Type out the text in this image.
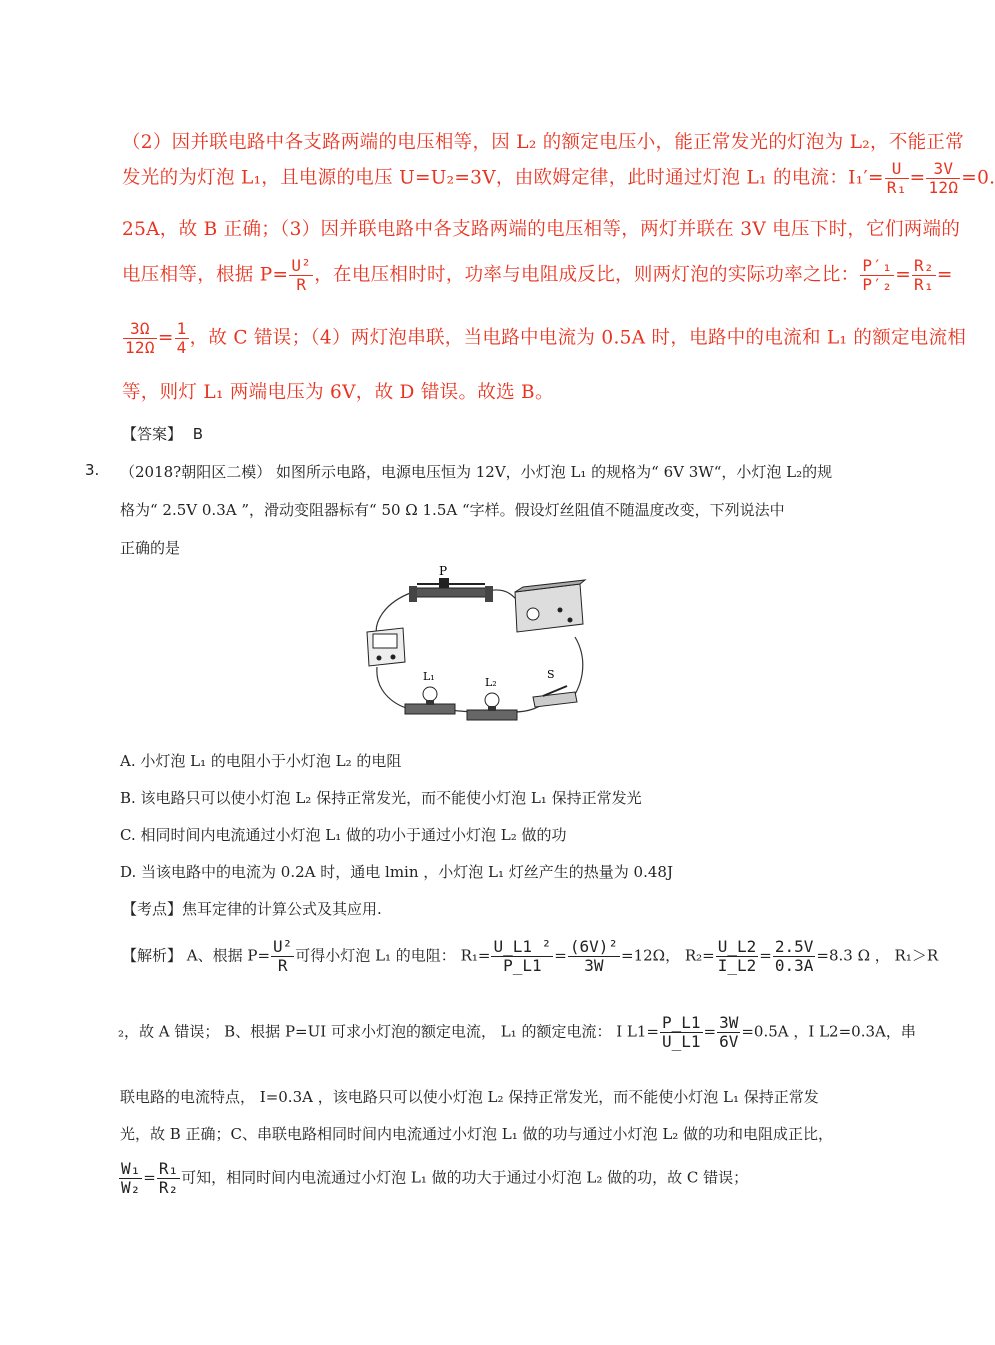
（2）因并联电路中各支路两端的电压相等，因 L₂ 的额定电压小，能正常发光的灯泡为 L₂，不能正常
发光的为灯泡 L₁，且电源的电压 U=U₂=3V，由欧姆定律，此时通过灯泡 L₁ 的电流：$I_1'= \frac{U}{\text{R₁}} = \frac{3V}{12\Omega} =0$.
25A，故 B 正确；（3）因并联电路中各支路两端的电压相等，两灯并联在 3V 电压下时，它们两端的
电压相等，根据 $P= \frac{\text{U²}}{R}$ ，在电压相时时，功率与电阻成反比，则两灯泡的实际功率之比： $\frac{\text{P′₁}}{\text{P′₂}} = \frac{\text{R₂}}{\text{R₁}}$ =
$\frac{3\Omega}{12\Omega} = \frac{1}{4}$ ，故 C 错误；（4）两灯泡串联，当电路中电流为 0.5A 时，电路中的电流和 L₁ 的额定电流相
等，则灯 L₁ 两端电压为 6V，故 D 错误。故选 B。
【答案】 B
3. （2018?朝阳区二模） 如图所示电路，电源电压恒为 12V，小灯泡 L₁ 的规格为“ 6V 3W“，小灯泡 L₂的规
格为“ 2.5V 0.3A ”，滑动变阻器标有“ 50 Ω 1.5A “字样。假设灯丝阻值不随温度改变，下列说法中
正确的是
P
L₁	L₂
S
A. 小灯泡 L₁ 的电阻小于小灯泡 L₂ 的电阻
B. 该电路只可以使小灯泡 L₂ 保持正常发光，而不能使小灯泡 L₁ 保持正常发光
C. 相同时间内电流通过小灯泡 L₁ 做的功小于通过小灯泡 L₂ 做的功
D. 当该电路中的电流为 0.2A 时，通电 lmin ，小灯泡 L₁ 灯丝产生的热量为 0.48J
【考点】焦耳定律的计算公式及其应用.
【解析】 A、根据 $P= \frac{\text{U²}}{R}$ 可得小灯泡 L₁ 的电阻： $R_1= \frac{\text{U\_L1 ²}}{P\_L1} = \frac{\text{(6V)²}}{3W} =12\Omega$， $R_2= \frac{U\_L2}{I\_L2} = \frac{2.5V}{0.3A} =8.3$ Ω ， R₁＞R
₂，故 A 错误； B、根据 P=UI 可求小灯泡的额定电流， L₁ 的额定电流： I $L1= \frac{P\_L1}{U\_L1} = \frac{3W}{6V} =0.5A$ ，I L2=0.3A，串
联电路的电流特点， I=0.3A ，该电路只可以使小灯泡 L₂ 保持正常发光，而不能使小灯泡 L₁ 保持正常发
光，故 B 正确；C、串联电路相同时间内电流通过小灯泡 L₁ 做的功与通过小灯泡 L₂ 做的功和电阻成正比，
$\frac{\text{W₁}}{\text{W₂}} = \frac{\text{R₁}}{\text{R₂}}$ 可知，相同时间内电流通过小灯泡 L₁ 做的功大于通过小灯泡 L₂ 做的功，故 C 错误；
